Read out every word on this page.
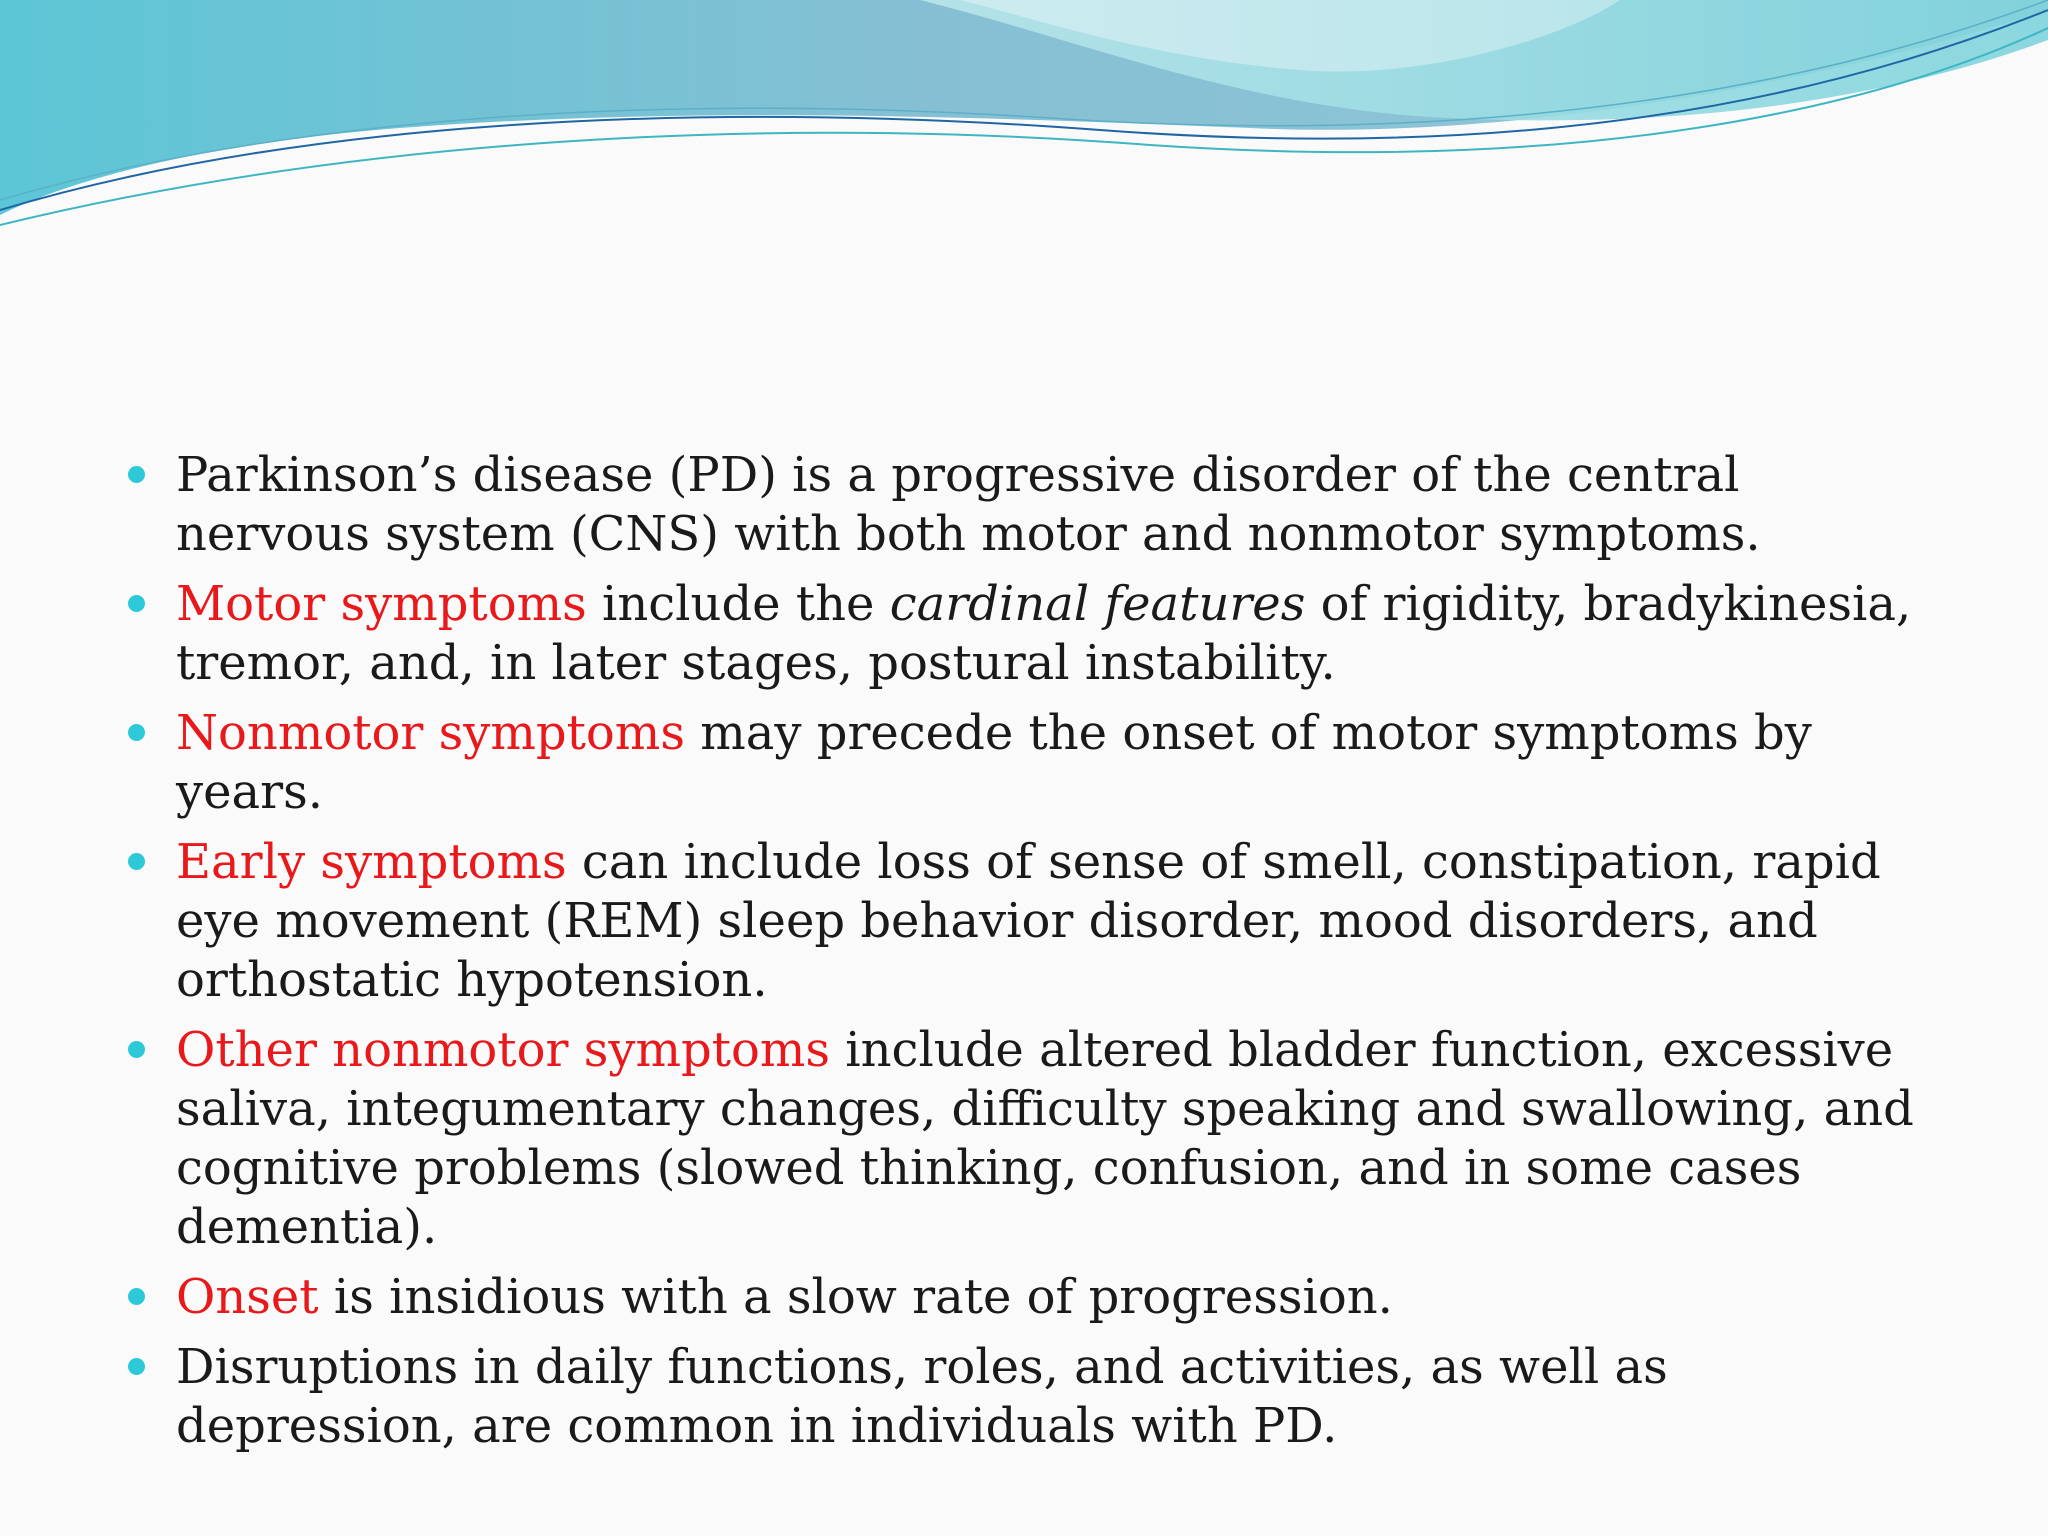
Parkinson’s disease (PD) is a progressive disorder of the central nervous system (CNS) with both motor and nonmotor symptoms.
Motor symptoms include the cardinal features of rigidity, bradykinesia, tremor, and, in later stages, postural instability.
Nonmotor symptoms may precede the onset of motor symptoms by years.
Early symptoms can include loss of sense of smell, constipation, rapid eye movement (REM) sleep behavior disorder, mood disorders, and orthostatic hypotension.
Other nonmotor symptoms include altered bladder function, excessive saliva, integumentary changes, difficulty speaking and swallowing, and cognitive problems (slowed thinking, confusion, and in some cases dementia).
Onset is insidious with a slow rate of progression.
Disruptions in daily functions, roles, and activities, as well as depression, are common in individuals with PD.
